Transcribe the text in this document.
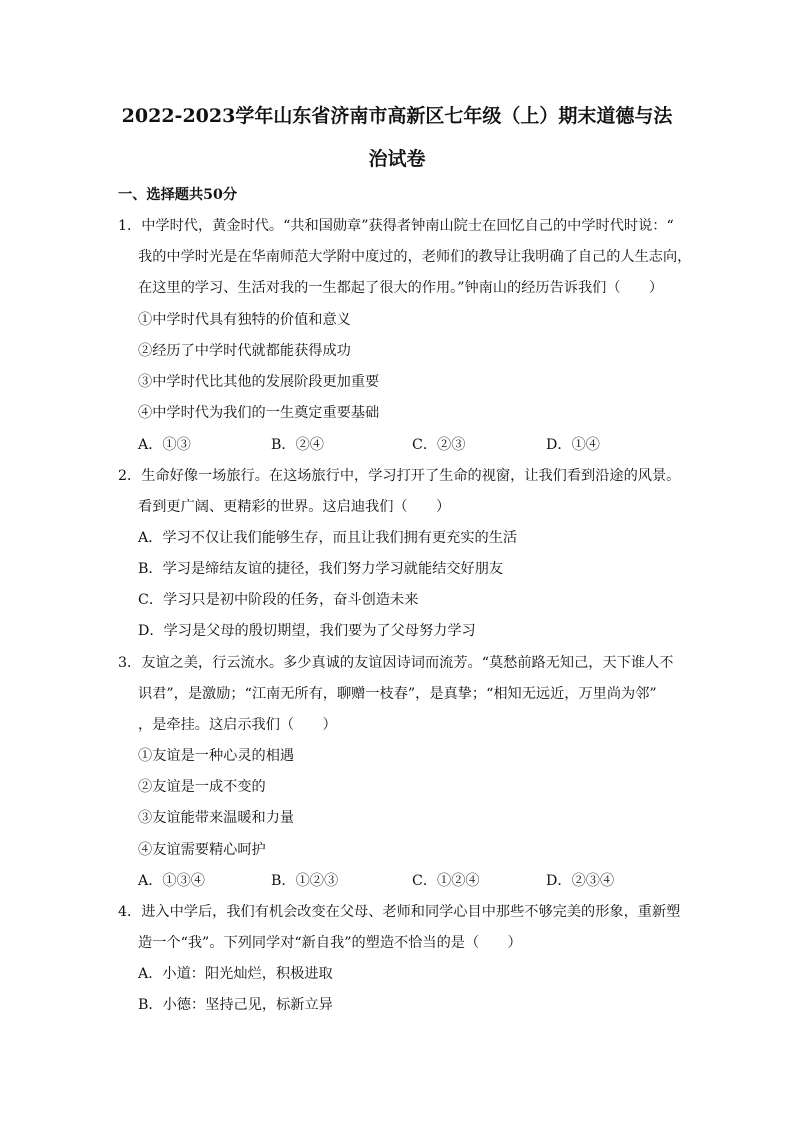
2022-2023学年山东省济南市高新区七年级（上）期末道德与法
治试卷
一、选择题共50分
1．中学时代，黄金时代。“共和国勋章”获得者钟南山院士在回忆自己的中学时代时说：“
我的中学时光是在华南师范大学附中度过的，老师们的教导让我明确了自己的人生志向，
在这里的学习、生活对我的一生都起了很大的作用。”钟南山的经历告诉我们（　　）
①中学时代具有独特的价值和意义
②经历了中学时代就都能获得成功
③中学时代比其他的发展阶段更加重要
④中学时代为我们的一生奠定重要基础
A．①③	B．②④	C．②③	D．①④
2．生命好像一场旅行。在这场旅行中，学习打开了生命的视窗，让我们看到沿途的风景。
看到更广阔、更精彩的世界。这启迪我们（　　）
A．学习不仅让我们能够生存，而且让我们拥有更充实的生活
B．学习是缔结友谊的捷径，我们努力学习就能结交好朋友
C．学习只是初中阶段的任务，奋斗创造未来
D．学习是父母的殷切期望，我们要为了父母努力学习
3．友谊之美，行云流水。多少真诚的友谊因诗词而流芳。“莫愁前路无知己，天下谁人不
识君”，是激励；“江南无所有，聊赠一枝春”，是真挚；“相知无远近，万里尚为邻”
，是牵挂。这启示我们（　　）
①友谊是一种心灵的相遇
②友谊是一成不变的
③友谊能带来温暖和力量
④友谊需要精心呵护
A．①③④	B．①②③	C．①②④	D．②③④
4．进入中学后，我们有机会改变在父母、老师和同学心目中那些不够完美的形象，重新塑
造一个“我”。下列同学对“新自我”的塑造不恰当的是（　　）
A．小道：阳光灿烂，积极进取
B．小德：坚持己见，标新立异
